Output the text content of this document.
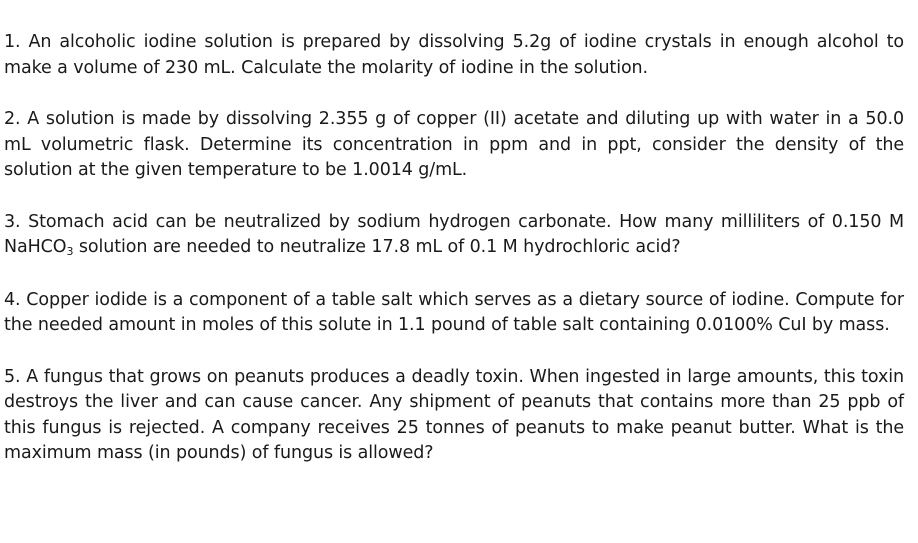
1. An alcoholic iodine solution is prepared by dissolving 5.2g of iodine crystals in enough alcohol to make a volume of 230 mL. Calculate the molarity of iodine in the solution.

2. A solution is made by dissolving 2.355 g of copper (II) acetate and diluting up with water in a 50.0 mL volumetric flask. Determine its concentration in ppm and in ppt, consider the density of the solution at the given temperature to be 1.0014 g/mL.

3. Stomach acid can be neutralized by sodium hydrogen carbonate. How many milliliters of 0.150 M NaHCO$_3$ solution are needed to neutralize 17.8 mL of 0.1 M hydrochloric acid?

4. Copper iodide is a component of a table salt which serves as a dietary source of iodine. Compute for the needed amount in moles of this solute in 1.1 pound of table salt containing 0.0100% CuI by mass.

5. A fungus that grows on peanuts produces a deadly toxin. When ingested in large amounts, this toxin destroys the liver and can cause cancer. Any shipment of peanuts that contains more than 25 ppb of this fungus is rejected. A company receives 25 tonnes of peanuts to make peanut butter. What is the maximum mass (in pounds) of fungus is allowed?
